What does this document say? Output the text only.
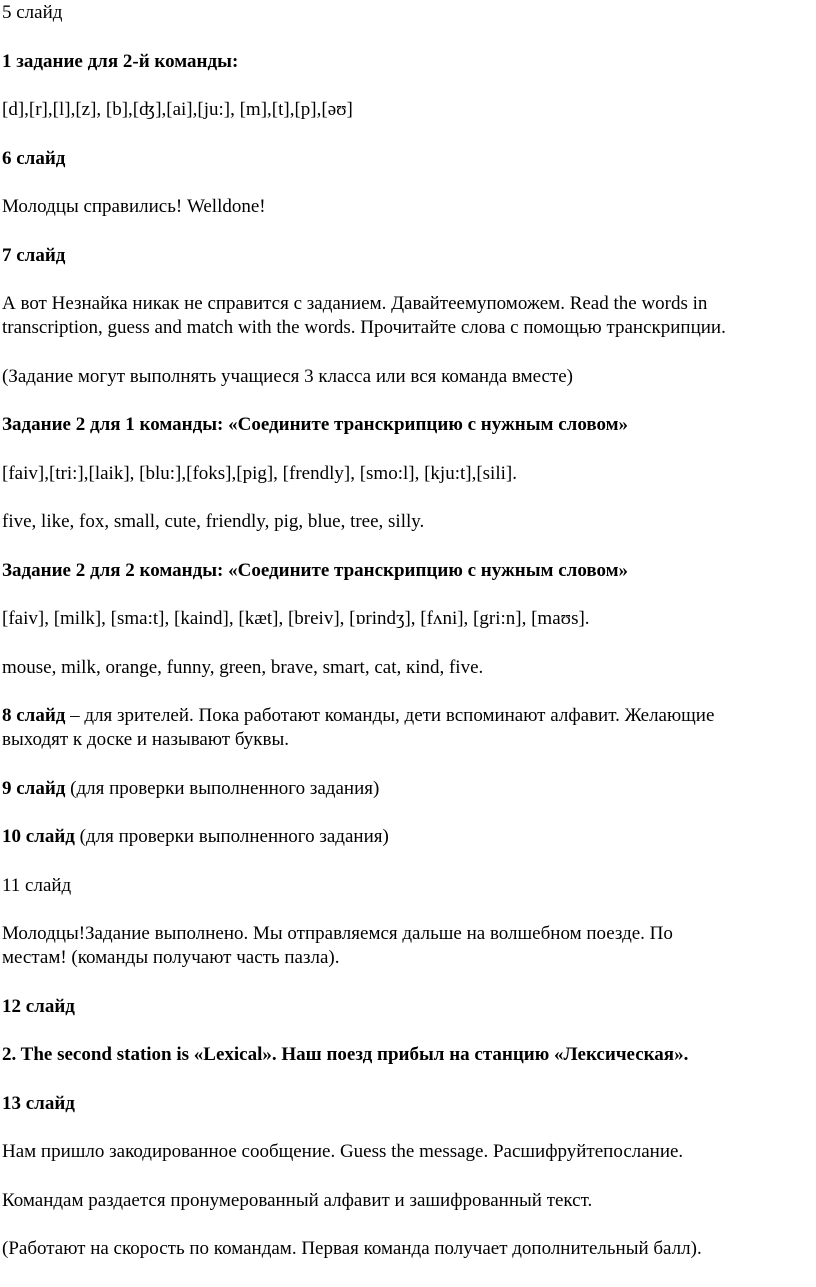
5 слайд

1 задание для 2-й команды:

[d],[r],[l],[z], [b],[ʤ],[ai],[ju:], [m],[t],[p],[əʊ]

6 слайд

Молодцы справились! Welldone!

7 слайд

А вот Незнайка никак не справится с заданием. Давайтеемупоможем. Read the words in

transcription, guess and match with the words. Прочитайте слова с помощью транскрипции.

(Задание могут выполнять учащиеся 3 класса или вся команда вместе)

Задание 2 для 1 команды: «Соедините транскрипцию с нужным словом»

[faiv],[tri:],[laik], [blu:],[foks],[pig], [frendly], [smo:l], [kju:t],[sili].

five, like, fox, small, cute, friendly, pig, blue, tree, silly.

Задание 2 для 2 команды: «Соедините транскрипцию с нужным словом»

[faiv], [milk], [sma:t], [kaind], [kæt], [breiv], [ɒrindʒ], [fʌni], [gri:n], [maʊs].

mouse, milk, orange, funny, green, brave, smart, cat, кind, five.

8 слайд – для зрителей. Пока работают команды, дети вспоминают алфавит. Желающие

выходят к доске и называют буквы.

9 слайд (для проверки выполненного задания)

10 слайд (для проверки выполненного задания)

11 слайд

Молодцы!Задание выполнено. Мы отправляемся дальше на волшебном поезде. По

местам! (команды получают часть пазла).

12 слайд

2. The second station is «Lexical». Наш поезд прибыл на станцию «Лексическая».

13 слайд

Нам пришло закодированное сообщение. Guess the message. Расшифруйтепослание.

Командам раздается пронумерованный алфавит и зашифрованный текст.

(Работают на скорость по командам. Первая команда получает дополнительный балл).
